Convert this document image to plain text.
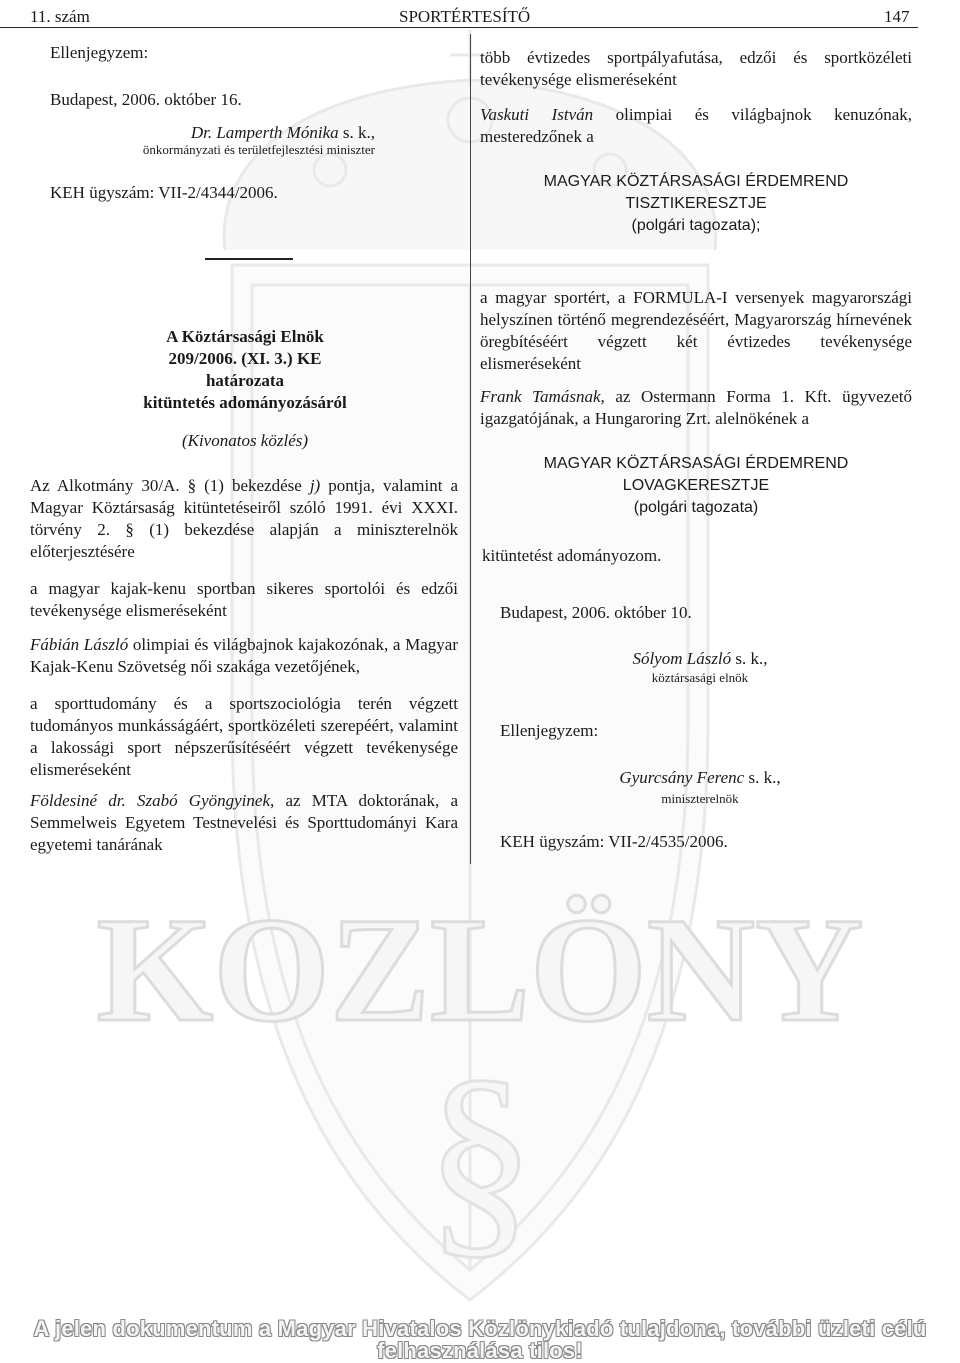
KOZLÖNY
§
11. szám	SPORTÉRTESÍTŐ	147
Ellenjegyzem:
Budapest, 2006. október 16.
Dr. Lamperth Mónika s. k.,
önkormányzati és területfejlesztési miniszter
KEH ügyszám: VII-2/4344/2006.
A Köztársasági Elnök
209/2006. (XI. 3.) KE
határozata
kitüntetés adományozásáról
(Kivonatos közlés)
Az Alkotmány 30/A. § (1) bekezdése j) pontja, valamint a Magyar Köztársaság kitüntetéseiről szóló 1991. évi XXXI. törvény 2. § (1) bekezdése alapján a miniszterelnök előterjesztésére
a magyar kajak-kenu sportban sikeres sportolói és edzői tevékenysége elismeréseként
Fábián László olimpiai és világbajnok kajakozónak, a Magyar Kajak-Kenu Szövetség női szakága vezetőjének,
a sporttudomány és a sportszociológia terén végzett tudományos munkásságáért, sportközéleti szerepéért, valamint a lakossági sport népszerűsítéséért végzett tevékenysége elismeréseként
Földesiné dr. Szabó Gyöngyinek, az MTA doktorának, a Semmelweis Egyetem Testnevelési és Sporttudományi Kara egyetemi tanárának
több évtizedes sportpályafutása, edzői és sportközéleti tevékenysége elismeréseként
Vaskuti István olimpiai és világbajnok kenuzónak, mesteredzőnek a
MAGYAR KÖZTÁRSASÁGI ÉRDEMREND
TISZTIKERESZTJE
(polgári tagozata);
a magyar sportért, a FORMULA-I versenyek magyarországi helyszínen történő megrendezéséért, Magyarország hírnevének öregbítéséért végzett két évtizedes tevékenysége elismeréseként
Frank Tamásnak, az Ostermann Forma 1. Kft. ügyvezető igazgatójának, a Hungaroring Zrt. alelnökének a
MAGYAR KÖZTÁRSASÁGI ÉRDEMREND
LOVAGKERESZTJE
(polgári tagozata)
kitüntetést adományozom.
Budapest, 2006. október 10.
Sólyom László s. k.,
köztársasági elnök
Ellenjegyzem:
Gyurcsány Ferenc s. k.,
miniszterelnök
KEH ügyszám: VII-2/4535/2006.
A jelen dokumentum a Magyar Hivatalos Közlönykiadó tulajdona, további üzleti célú felhasználása tilos!
